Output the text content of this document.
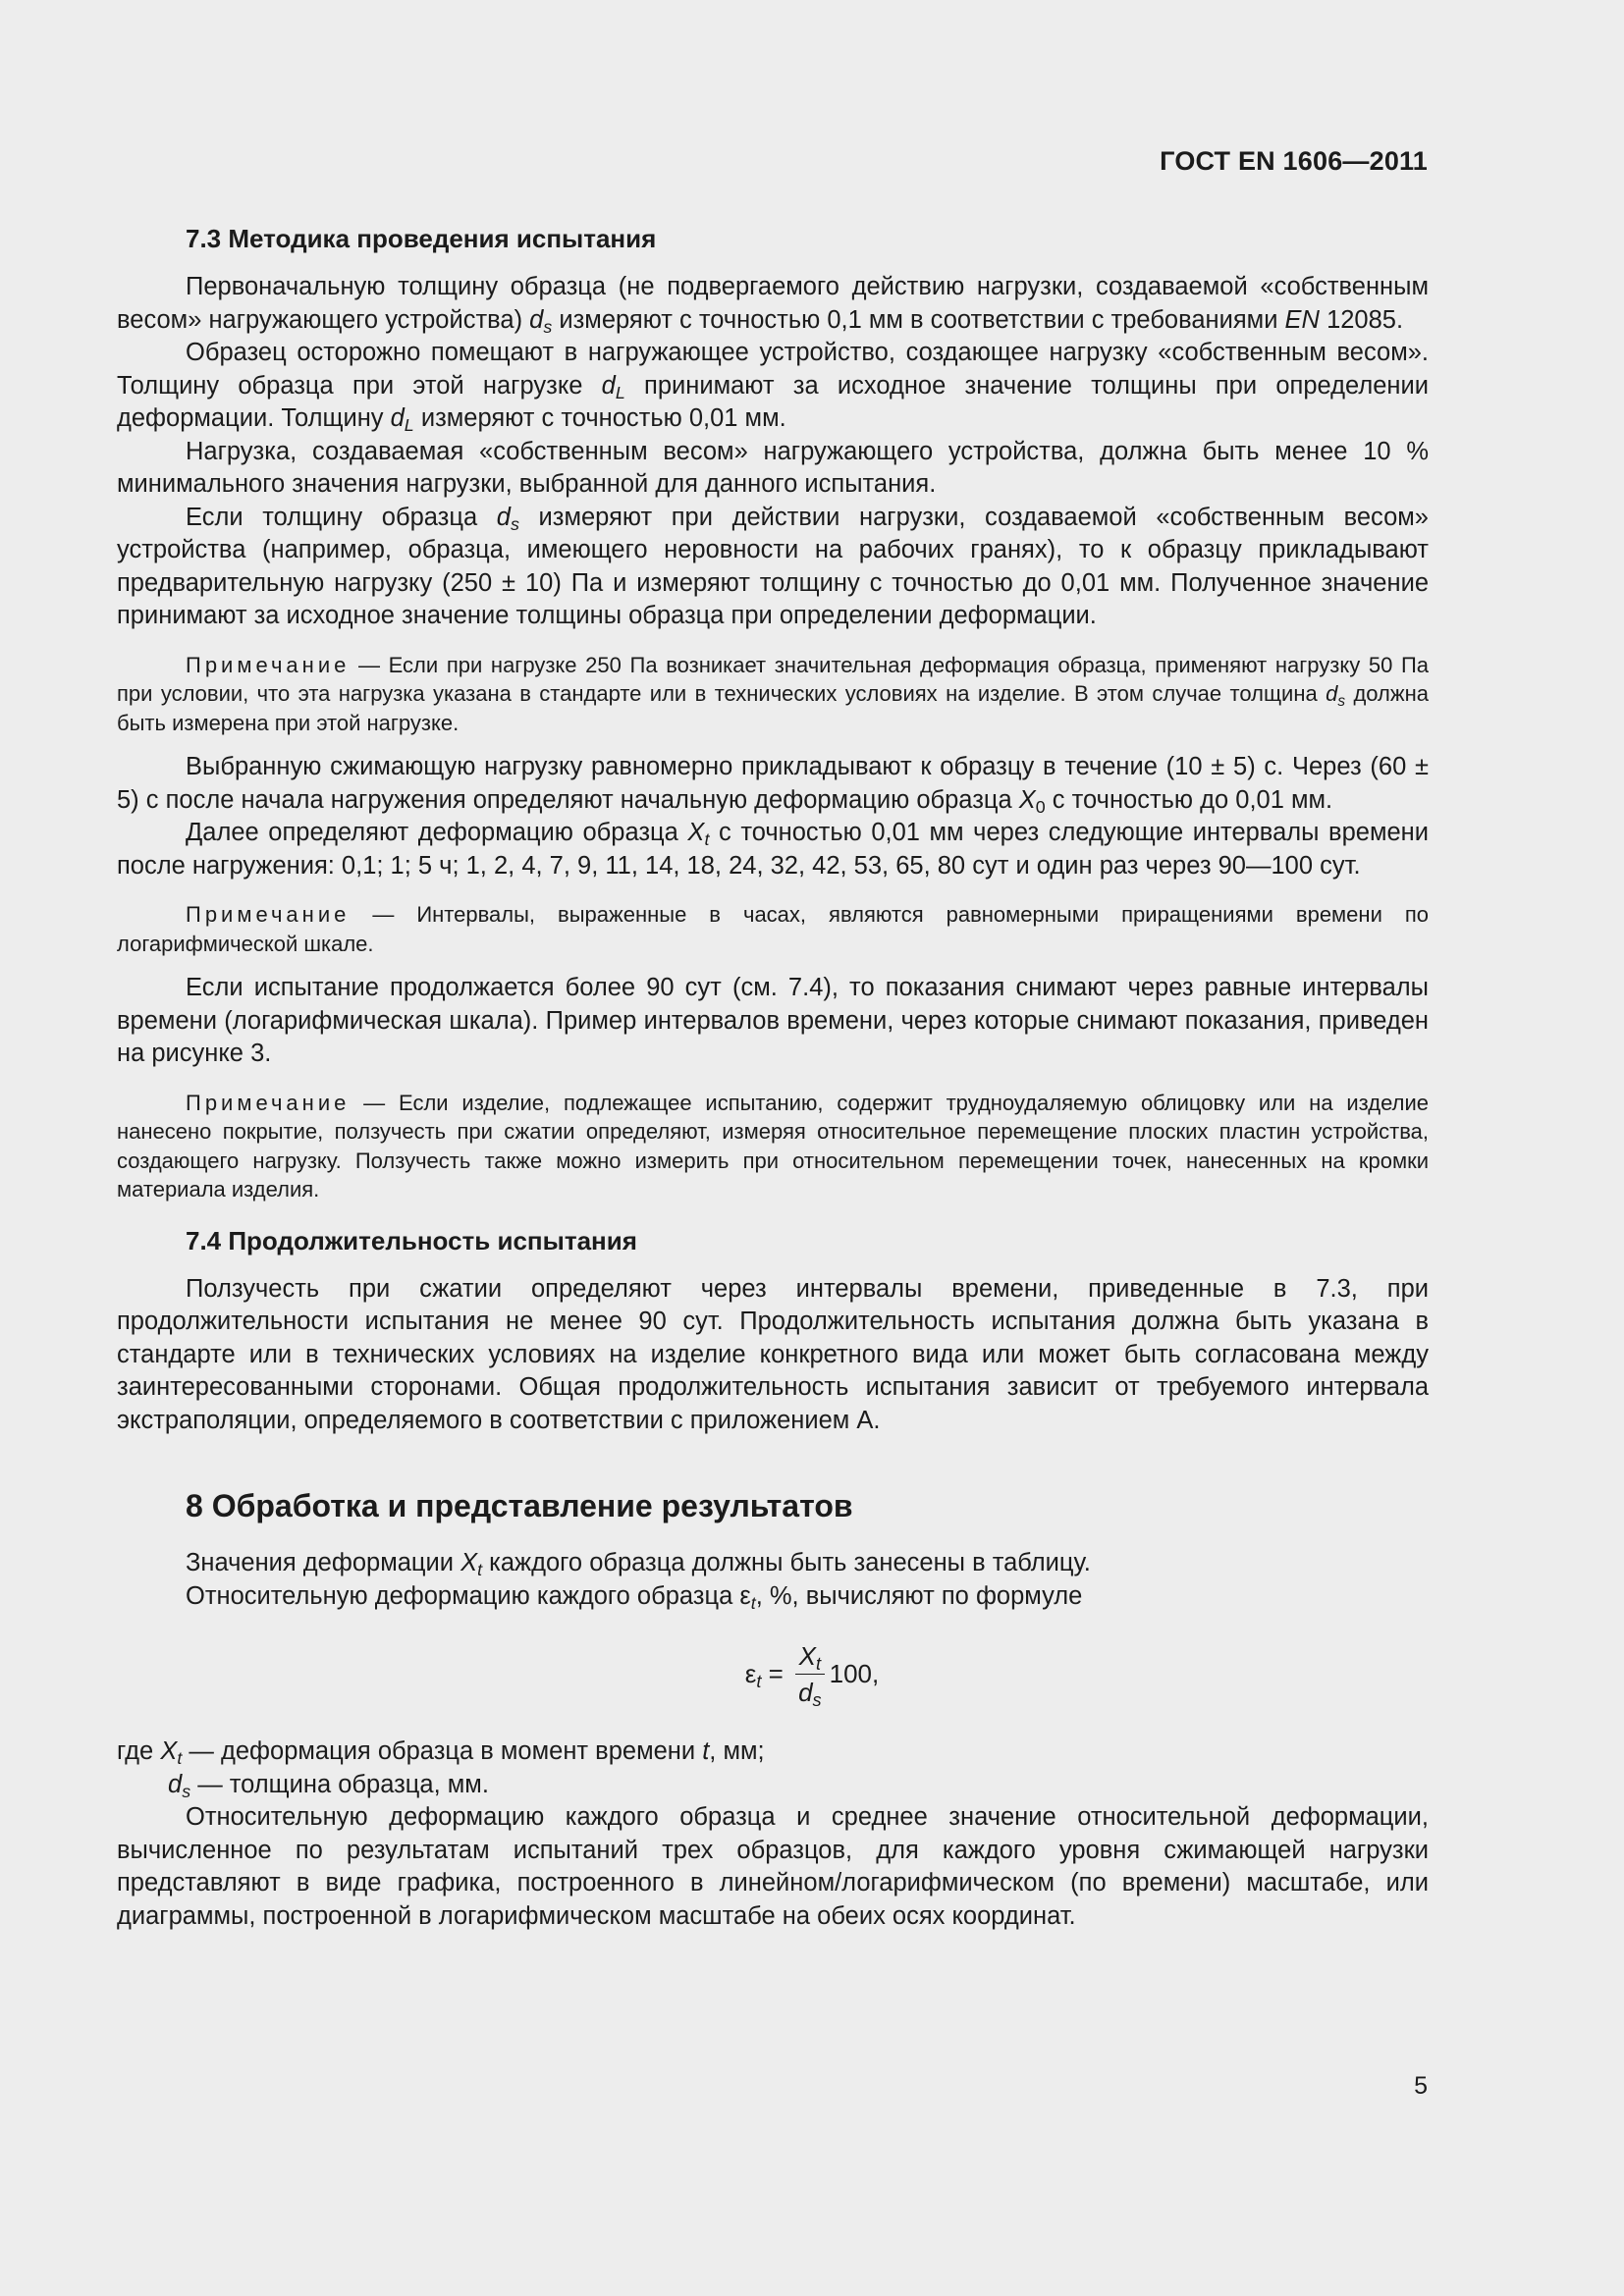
ГОСТ EN 1606—2011
7.3 Методика проведения испытания

Первоначальную толщину образца (не подвергаемого действию нагрузки, создаваемой «собственным весом» нагружающего устройства) $d_s$ измеряют с точностью 0,1 мм в соответствии с требованиями EN 12085.

Образец осторожно помещают в нагружающее устройство, создающее нагрузку «собственным весом». Толщину образца при этой нагрузке $d_L$ принимают за исходное значение толщины при определении деформации. Толщину $d_L$ измеряют с точностью 0,01 мм.

Нагрузка, создаваемая «собственным весом» нагружающего устройства, должна быть менее 10 % минимального значения нагрузки, выбранной для данного испытания.

Если толщину образца $d_s$ измеряют при действии нагрузки, создаваемой «собственным весом» устройства (например, образца, имеющего неровности на рабочих гранях), то к образцу прикладывают предварительную нагрузку (250 ± 10) Па и измеряют толщину с точностью до 0,01 мм. Полученное значение принимают за исходное значение толщины образца при определении деформации.

Примечание — Если при нагрузке 250 Па возникает значительная деформация образца, применяют нагрузку 50 Па при условии, что эта нагрузка указана в стандарте или в технических условиях на изделие. В этом случае толщина $d_s$ должна быть измерена при этой нагрузке.

Выбранную сжимающую нагрузку равномерно прикладывают к образцу в течение (10 ± 5) с. Через (60 ± 5) с после начала нагружения определяют начальную деформацию образца $X_0$ с точностью до 0,01 мм.

Далее определяют деформацию образца $X_t$ с точностью 0,01 мм через следующие интервалы времени после нагружения: 0,1; 1; 5 ч; 1, 2, 4, 7, 9, 11, 14, 18, 24, 32, 42, 53, 65, 80 сут и один раз через 90—100 сут.

Примечание — Интервалы, выраженные в часах, являются равномерными приращениями времени по логарифмической шкале.

Если испытание продолжается более 90 сут (см. 7.4), то показания снимают через равные интервалы времени (логарифмическая шкала). Пример интервалов времени, через которые снимают показания, приведен на рисунке 3.

Примечание — Если изделие, подлежащее испытанию, содержит трудноудаляемую облицовку или на изделие нанесено покрытие, ползучесть при сжатии определяют, измеряя относительное перемещение плоских пластин устройства, создающего нагрузку. Ползучесть также можно измерить при относительном перемещении точек, нанесенных на кромки материала изделия.

7.4 Продолжительность испытания

Ползучесть при сжатии определяют через интервалы времени, приведенные в 7.3, при продолжительности испытания не менее 90 сут. Продолжительность испытания должна быть указана в стандарте или в технических условиях на изделие конкретного вида или может быть согласована между заинтересованными сторонами. Общая продолжительность испытания зависит от требуемого интервала экстраполяции, определяемого в соответствии с приложением А.

8 Обработка и представление результатов

Значения деформации $X_t$ каждого образца должны быть занесены в таблицу.

Относительную деформацию каждого образца $\varepsilon_t$, %, вычисляют по формуле

$\varepsilon_t = \frac{X_t}{d_s} 100$,
где $X_t$ — деформация образца в момент времени t, мм;
$d_s$ — толщина образца, мм.

Относительную деформацию каждого образца и среднее значение относительной деформации, вычисленное по результатам испытаний трех образцов, для каждого уровня сжимающей нагрузки представляют в виде графика, построенного в линейном/логарифмическом (по времени) масштабе, или диаграммы, построенной в логарифмическом масштабе на обеих осях координат.

5
